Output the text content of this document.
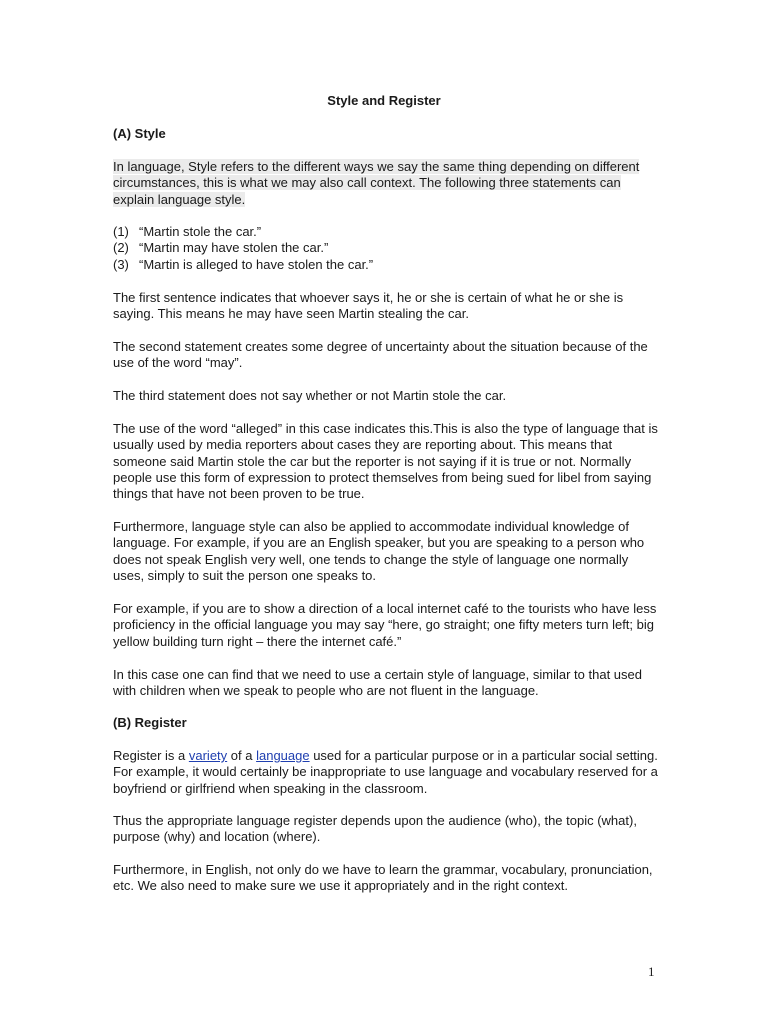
Style and Register
(A) Style

In language, Style refers to the different ways we say the same thing depending on different circumstances, this is what we may also call context. The following three statements can explain language style.

(1) “Martin stole the car.”
(2) “Martin may have stolen the car.”
(3) “Martin is alleged to have stolen the car.”

The first sentence indicates that whoever says it, he or she is certain of what he or she is saying. This means he may have seen Martin stealing the car.

The second statement creates some degree of uncertainty about the situation because of the use of the word “may”.

The third statement does not say whether or not Martin stole the car.

The use of the word “alleged” in this case indicates this.This is also the type of language that is usually used by media reporters about cases they are reporting about. This means that someone said Martin stole the car but the reporter is not saying if it is true or not. Normally people use this form of expression to protect themselves from being sued for libel from saying things that have not been proven to be true.

Furthermore, language style can also be applied to accommodate individual knowledge of language. For example, if you are an English speaker, but you are speaking to a person who does not speak English very well, one tends to change the style of language one normally uses, simply to suit the person one speaks to.

For example, if you are to show a direction of a local internet café to the tourists who have less proficiency in the official language you may say “here, go straight; one fifty meters turn left; big yellow building turn right – there the internet café.”

In this case one can find that we need to use a certain style of language, similar to that used with children when we speak to people who are not fluent in the language.

(B) Register

Register is a variety of a language used for a particular purpose or in a particular social setting. For example, it would certainly be inappropriate to use language and vocabulary reserved for a boyfriend or girlfriend when speaking in the classroom.

Thus the appropriate language register depends upon the audience (who), the topic (what), purpose (why) and location (where).

Furthermore, in English, not only do we have to learn the grammar, vocabulary, pronunciation, etc. We also need to make sure we use it appropriately and in the right context.

1
